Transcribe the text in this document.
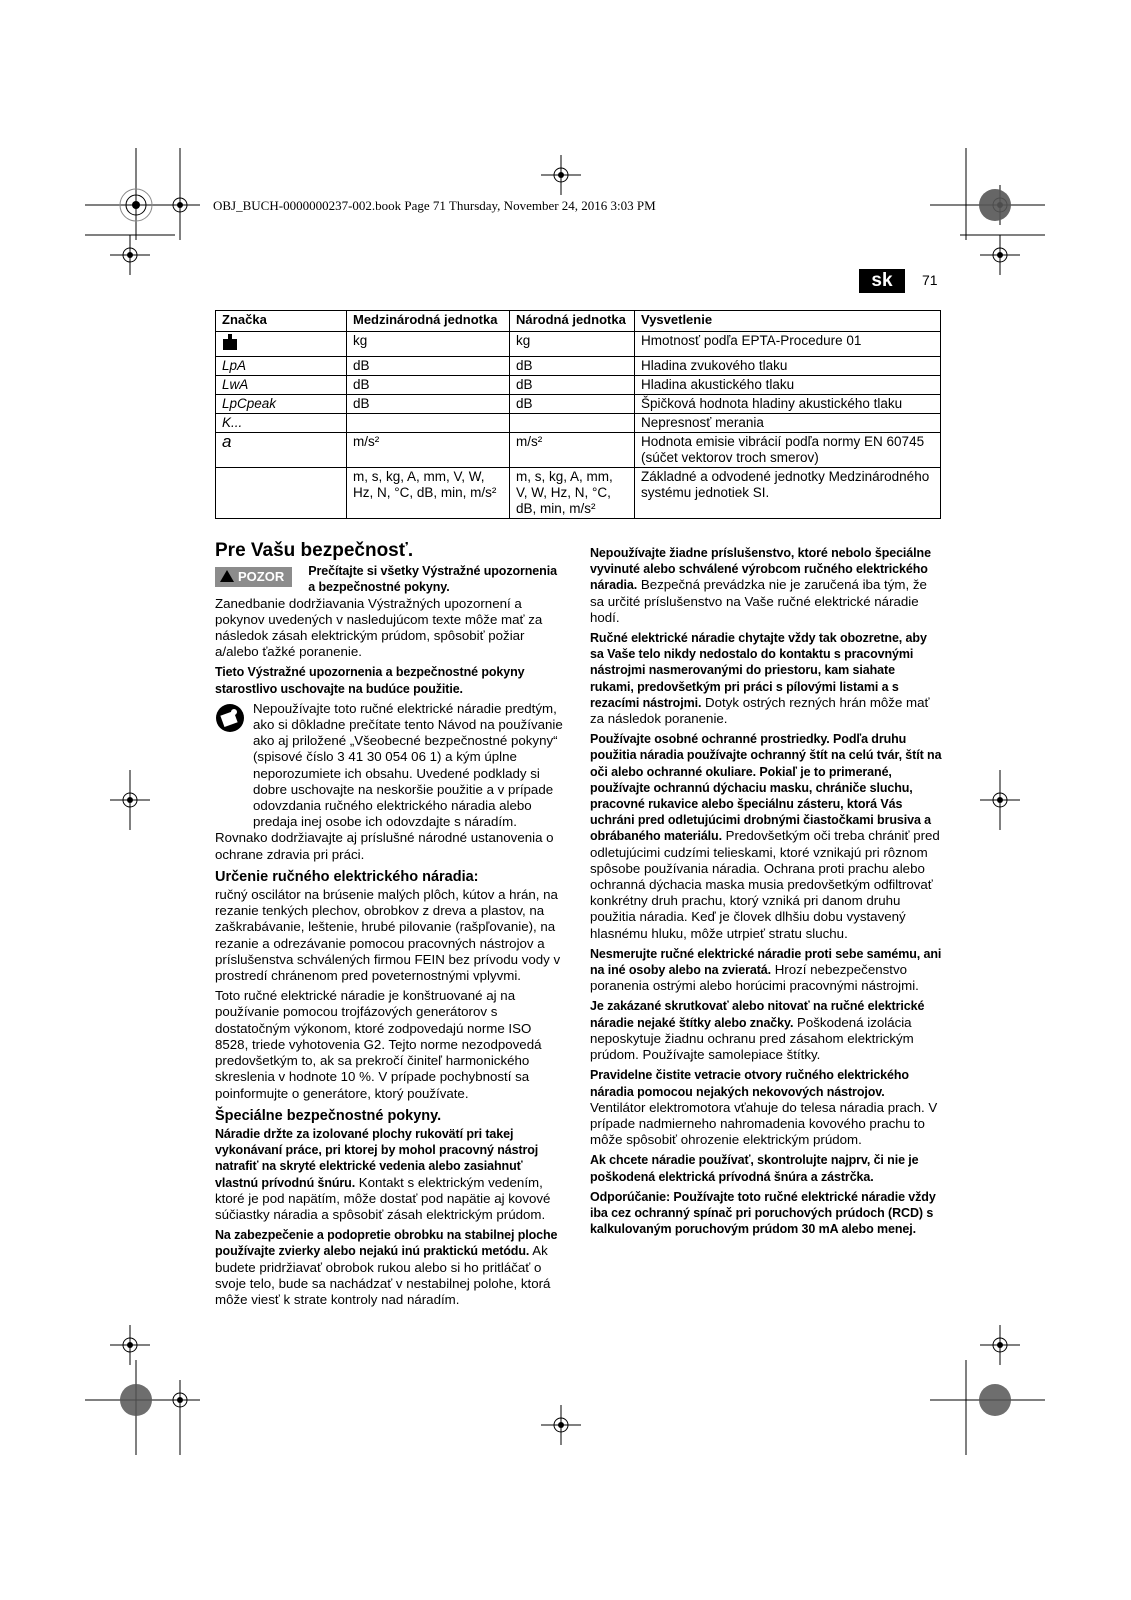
OBJ_BUCH-0000000237-002.book Page 71 Thursday, November 24, 2016 3:03 PM
sk	71
Značka	Medzinárodná jednotka	Národná jednotka	Vysvetlenie
	kg	kg	Hmotnosť podľa EPTA-Procedure 01
LpA	dB	dB	Hladina zvukového tlaku
LwA	dB	dB	Hladina akustického tlaku
LpCpeak	dB	dB	Špičková hodnota hladiny akustického tlaku
K...			Nepresnosť merania
a	m/s²	m/s²	Hodnota emisie vibrácií podľa normy EN 60745 (súčet vektorov troch smerov)
	m, s, kg, A, mm, V, W, Hz, N, °C, dB, min, m/s²	m, s, kg, A, mm, V, W, Hz, N, °C, dB, min, m/s²	Základné a odvodené jednotky Medzinárodného systému jednotiek SI.
Pre Vašu bezpečnosť.
POZOR	Prečítajte si všetky Výstražné upozornenia a bezpečnostné pokyny.

Zanedbanie dodržiavania Výstražných upozornení a pokynov uvedených v nasledujúcom texte môže mať za následok zásah elektrickým prúdom, spôsobiť požiar a/alebo ťažké poranenie.

Tieto Výstražné upozornenia a bezpečnostné pokyny starostlivo uschovajte na budúce použitie.

Nepoužívajte toto ručné elektrické náradie predtým, ako si dôkladne prečítate tento Návod na používanie ako aj priložené „Všeobecné bezpečnostné pokyny“ (spisové číslo 3 41 30 054 06 1) a kým úplne neporozumiete ich obsahu. Uvedené podklady si dobre uschovajte na neskoršie použitie a v prípade odovzdania ručného elektrického náradia alebo predaja inej osobe ich odovzdajte s náradím.

Rovnako dodržiavajte aj príslušné národné ustanovenia o ochrane zdravia pri práci.

Určenie ručného elektrického náradia:

ručný oscilátor na brúsenie malých plôch, kútov a hrán, na rezanie tenkých plechov, obrobkov z dreva a plastov, na zaškrabávanie, leštenie, hrubé pilovanie (rašpľovanie), na rezanie a odrezávanie pomocou pracovných nástrojov a príslušenstva schválených firmou FEIN bez prívodu vody v prostredí chránenom pred poveternostnými vplyvmi.

Toto ručné elektrické náradie je konštruované aj na používanie pomocou trojfázových generátorov s dostatočným výkonom, ktoré zodpovedajú norme ISO 8528, triede vyhotovenia G2. Tejto norme nezodpovedá predovšetkým to, ak sa prekročí činiteľ harmonického skreslenia v hodnote 10 %. V prípade pochybností sa poinformujte o generátore, ktorý používate.

Špeciálne bezpečnostné pokyny.

Náradie držte za izolované plochy rukovätí pri takej vykonávaní práce, pri ktorej by mohol pracovný nástroj natrafiť na skryté elektrické vedenia alebo zasiahnuť vlastnú prívodnú šnúru. Kontakt s elektrickým vedením, ktoré je pod napätím, môže dostať pod napätie aj kovové súčiastky náradia a spôsobiť zásah elektrickým prúdom.

Na zabezpečenie a podopretie obrobku na stabilnej ploche používajte zvierky alebo nejakú inú praktickú metódu. Ak budete pridržiavať obrobok rukou alebo si ho pritláčať o svoje telo, bude sa nachádzať v nestabilnej polohe, ktorá môže viesť k strate kontroly nad náradím.

Nepoužívajte žiadne príslušenstvo, ktoré nebolo špeciálne vyvinuté alebo schválené výrobcom ručného elektrického náradia. Bezpečná prevádzka nie je zaručená iba tým, že sa určité príslušenstvo na Vaše ručné elektrické náradie hodí.

Ručné elektrické náradie chytajte vždy tak obozretne, aby sa Vaše telo nikdy nedostalo do kontaktu s pracovnými nástrojmi nasmerovanými do priestoru, kam siahate rukami, predovšetkým pri práci s pílovými listami a s rezacími nástrojmi. Dotyk ostrých rezných hrán môže mať za následok poranenie.

Používajte osobné ochranné prostriedky. Podľa druhu použitia náradia používajte ochranný štít na celú tvár, štít na oči alebo ochranné okuliare. Pokiaľ je to primerané, používajte ochrannú dýchaciu masku, chrániče sluchu, pracovné rukavice alebo špeciálnu zásteru, ktorá Vás uchráni pred odletujúcimi drobnými čiastočkami brusiva a obrábaného materiálu. Predovšetkým oči treba chrániť pred odletujúcimi cudzími telieskami, ktoré vznikajú pri rôznom spôsobe používania náradia. Ochrana proti prachu alebo ochranná dýchacia maska musia predovšetkým odfiltrovať konkrétny druh prachu, ktorý vzniká pri danom druhu použitia náradia. Keď je človek dlhšiu dobu vystavený hlasnému hluku, môže utrpieť stratu sluchu.

Nesmerujte ručné elektrické náradie proti sebe samému, ani na iné osoby alebo na zvieratá. Hrozí nebezpečenstvo poranenia ostrými alebo horúcimi pracovnými nástrojmi.

Je zakázané skrutkovať alebo nitovať na ručné elektrické náradie nejaké štítky alebo značky. Poškodená izolácia neposkytuje žiadnu ochranu pred zásahom elektrickým prúdom. Používajte samolepiace štítky.

Pravidelne čistite vetracie otvory ručného elektrického náradia pomocou nejakých nekovových nástrojov. Ventilátor elektromotora vťahuje do telesa náradia prach. V prípade nadmierneho nahromadenia kovového prachu to môže spôsobiť ohrozenie elektrickým prúdom.

Ak chcete náradie používať, skontrolujte najprv, či nie je poškodená elektrická prívodná šnúra a zástrčka.

Odporúčanie: Používajte toto ručné elektrické náradie vždy iba cez ochranný spínač pri poruchových prúdoch (RCD) s kalkulovaným poruchovým prúdom 30 mA alebo menej.
